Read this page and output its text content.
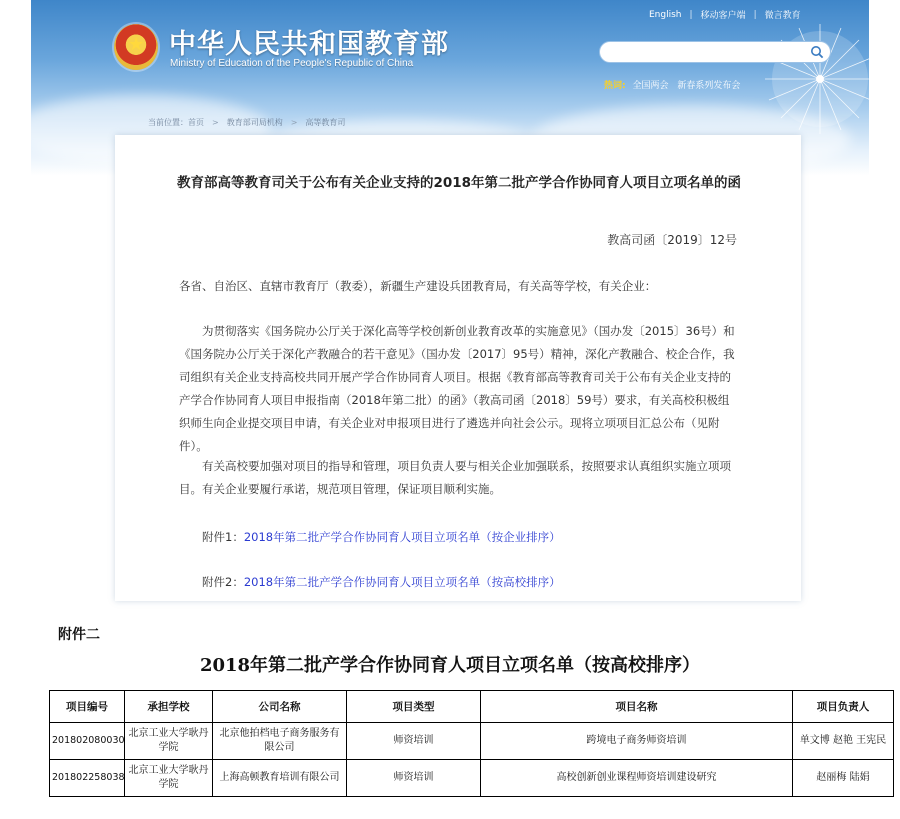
★ 中华人民共和国教育部
Ministry of Education of the People's Republic of China
English | 移动客户端 | 微言教育
热词: 全国两会 新春系列发布会
当前位置：首页 > 教育部司局机构 > 高等教育司
教育部高等教育司关于公布有关企业支持的2018年第二批产学合作协同育人项目立项名单的函
教高司函〔2019〕12号
各省、自治区、直辖市教育厅（教委），新疆生产建设兵团教育局，有关高等学校，有关企业：
为贯彻落实《国务院办公厅关于深化高等学校创新创业教育改革的实施意见》（国办发〔2015〕36号）和《国务院办公厅关于深化产教融合的若干意见》（国办发〔2017〕95号）精神，深化产教融合、校企合作，我司组织有关企业支持高校共同开展产学合作协同育人项目。根据《教育部高等教育司关于公布有关企业支持的产学合作协同育人项目申报指南（2018年第二批）的函》（教高司函〔2018〕59号）要求，有关高校积极组织师生向企业提交项目申请，有关企业对申报项目进行了遴选并向社会公示。现将立项项目汇总公布（见附件）。
有关高校要加强对项目的指导和管理，项目负责人要与相关企业加强联系，按照要求认真组织实施立项项目。有关企业要履行承诺，规范项目管理，保证项目顺利实施。
附件1：2018年第二批产学合作协同育人项目立项名单（按企业排序）
附件2：2018年第二批产学合作协同育人项目立项名单（按高校排序）
附件二
2018年第二批产学合作协同育人项目立项名单（按高校排序）
项目编号	承担学校	公司名称	项目类型	项目名称	项目负责人
201802080030	北京工业大学耿丹学院	北京他拍档电子商务服务有限公司	师资培训	跨境电子商务师资培训	单文博 赵艳 王宪民
201802258038	北京工业大学耿丹学院	上海高顿教育培训有限公司	师资培训	高校创新创业课程师资培训建设研究	赵丽梅 陆娟
